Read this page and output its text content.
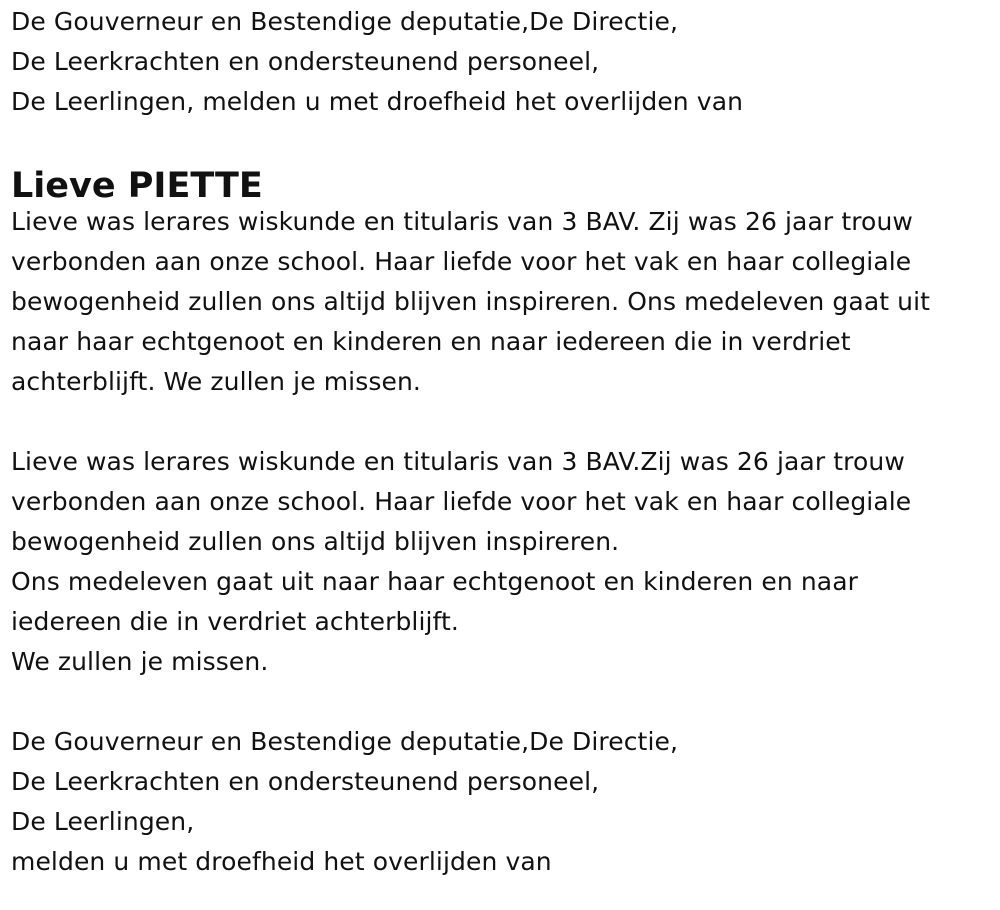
De Gouverneur en Bestendige deputatie,De Directie,
De Leerkrachten en ondersteunend personeel,
De Leerlingen, melden u met droefheid het overlijden van
Lieve PIETTE
Lieve was lerares wiskunde en titularis van 3 BAV. Zij was 26 jaar trouw
verbonden aan onze school. Haar liefde voor het vak en haar collegiale
bewogenheid zullen ons altijd blijven inspireren. Ons medeleven gaat uit
naar haar echtgenoot en kinderen en naar iedereen die in verdriet
achterblijft. We zullen je missen.
Lieve was lerares wiskunde en titularis van 3 BAV.Zij was 26 jaar trouw
verbonden aan onze school. Haar liefde voor het vak en haar collegiale
bewogenheid zullen ons altijd blijven inspireren.
Ons medeleven gaat uit naar haar echtgenoot en kinderen en naar
iedereen die in verdriet achterblijft.
We zullen je missen.
De Gouverneur en Bestendige deputatie,De Directie,
De Leerkrachten en ondersteunend personeel,
De Leerlingen,
melden u met droefheid het overlijden van
